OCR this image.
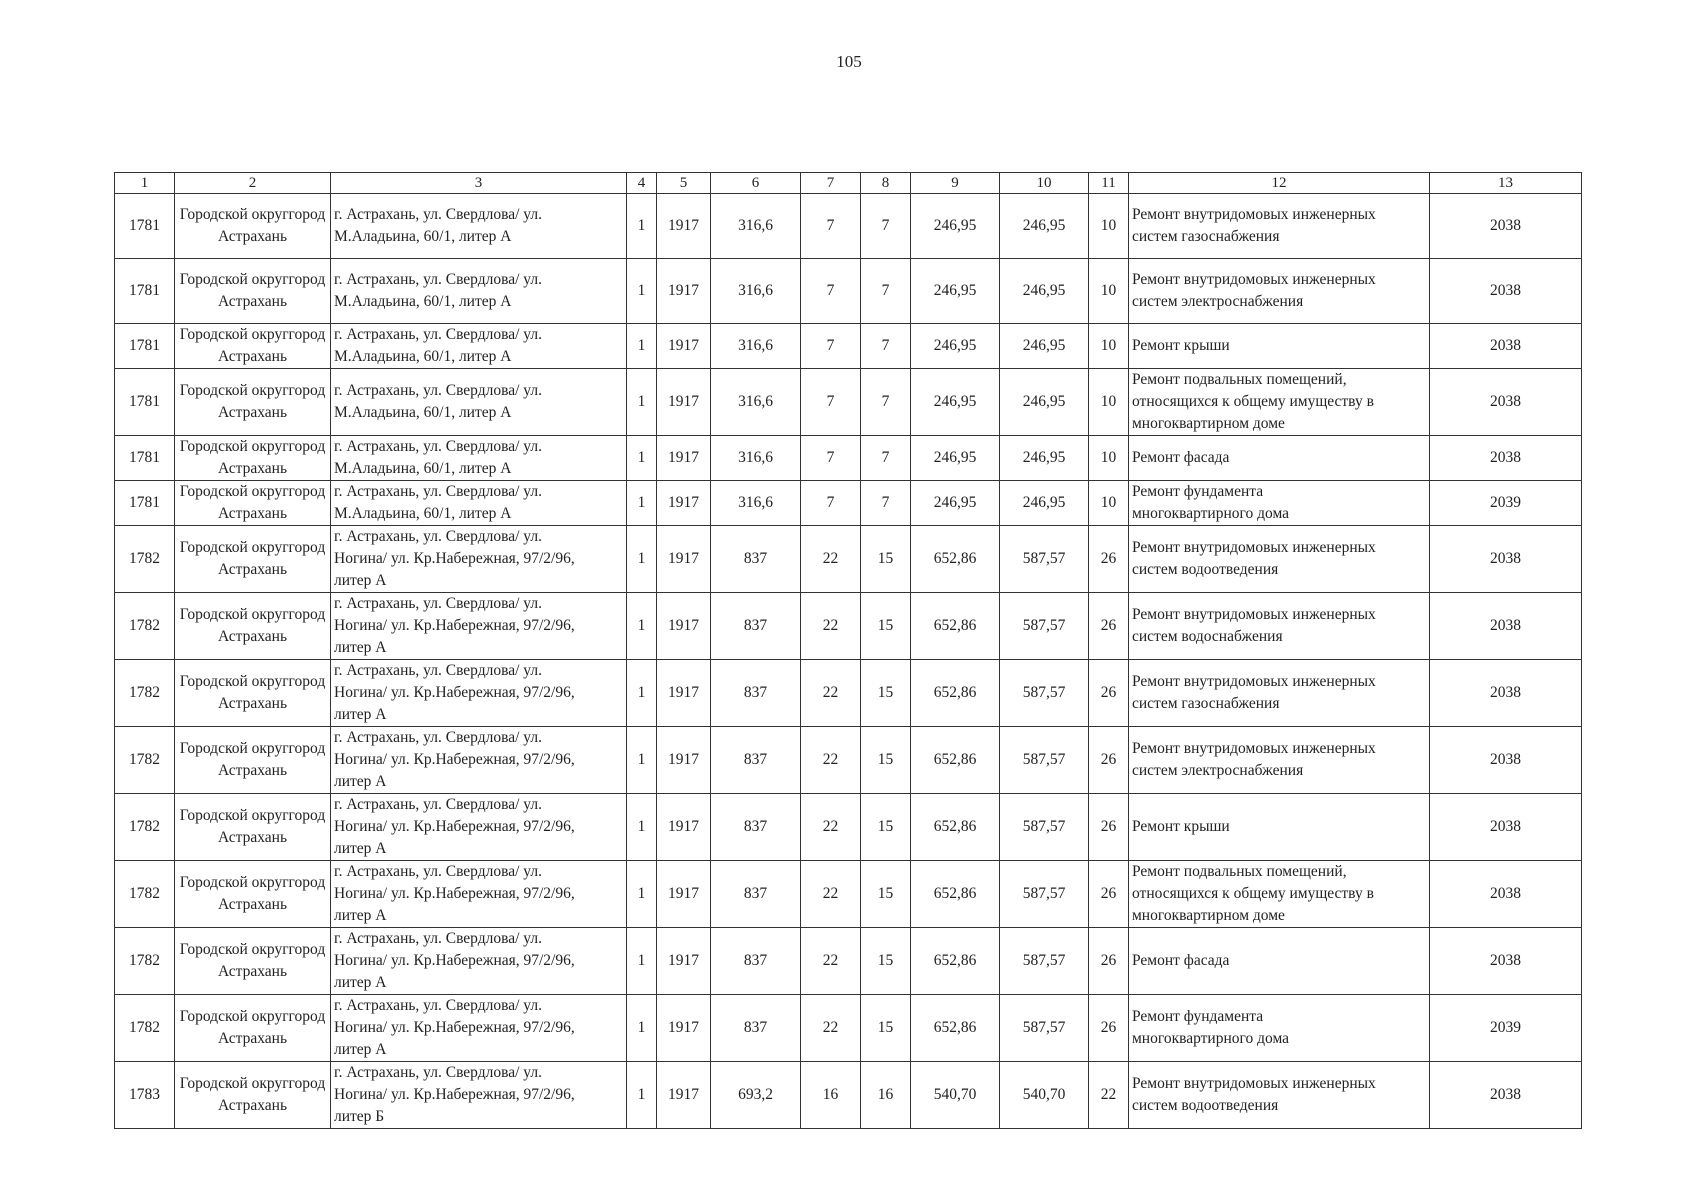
105
1	2	3	4	5	6	7	8	9	10	11	12	13
1781	Городской округгород Астрахань	г. Астрахань, ул. Свердлова/ ул.
М.Аладьина, 60/1, литер А	1	1917	316,6	7	7	246,95	246,95	10	Ремонт внутридомовых инженерных
систем газоснабжения	2038
1781	Городской округгород Астрахань	г. Астрахань, ул. Свердлова/ ул.
М.Аладьина, 60/1, литер А	1	1917	316,6	7	7	246,95	246,95	10	Ремонт внутридомовых инженерных
систем электроснабжения	2038
1781	Городской округгород Астрахань	г. Астрахань, ул. Свердлова/ ул.
М.Аладьина, 60/1, литер А	1	1917	316,6	7	7	246,95	246,95	10	Ремонт крыши	2038
1781	Городской округгород Астрахань	г. Астрахань, ул. Свердлова/ ул.
М.Аладьина, 60/1, литер А	1	1917	316,6	7	7	246,95	246,95	10	Ремонт подвальных помещений,
относящихся к общему имуществу в
многоквартирном доме	2038
1781	Городской округгород Астрахань	г. Астрахань, ул. Свердлова/ ул.
М.Аладьина, 60/1, литер А	1	1917	316,6	7	7	246,95	246,95	10	Ремонт фасада	2038
1781	Городской округгород Астрахань	г. Астрахань, ул. Свердлова/ ул.
М.Аладьина, 60/1, литер А	1	1917	316,6	7	7	246,95	246,95	10	Ремонт фундамента
многоквартирного дома	2039
1782	Городской округгород Астрахань	г. Астрахань, ул. Свердлова/ ул.
Ногина/ ул. Кр.Набережная, 97/2/96,
литер А	1	1917	837	22	15	652,86	587,57	26	Ремонт внутридомовых инженерных
систем водоотведения	2038
1782	Городской округгород Астрахань	г. Астрахань, ул. Свердлова/ ул.
Ногина/ ул. Кр.Набережная, 97/2/96,
литер А	1	1917	837	22	15	652,86	587,57	26	Ремонт внутридомовых инженерных
систем водоснабжения	2038
1782	Городской округгород Астрахань	г. Астрахань, ул. Свердлова/ ул.
Ногина/ ул. Кр.Набережная, 97/2/96,
литер А	1	1917	837	22	15	652,86	587,57	26	Ремонт внутридомовых инженерных
систем газоснабжения	2038
1782	Городской округгород Астрахань	г. Астрахань, ул. Свердлова/ ул.
Ногина/ ул. Кр.Набережная, 97/2/96,
литер А	1	1917	837	22	15	652,86	587,57	26	Ремонт внутридомовых инженерных
систем электроснабжения	2038
1782	Городской округгород Астрахань	г. Астрахань, ул. Свердлова/ ул.
Ногина/ ул. Кр.Набережная, 97/2/96,
литер А	1	1917	837	22	15	652,86	587,57	26	Ремонт крыши	2038
1782	Городской округгород Астрахань	г. Астрахань, ул. Свердлова/ ул.
Ногина/ ул. Кр.Набережная, 97/2/96,
литер А	1	1917	837	22	15	652,86	587,57	26	Ремонт подвальных помещений,
относящихся к общему имуществу в
многоквартирном доме	2038
1782	Городской округгород Астрахань	г. Астрахань, ул. Свердлова/ ул.
Ногина/ ул. Кр.Набережная, 97/2/96,
литер А	1	1917	837	22	15	652,86	587,57	26	Ремонт фасада	2038
1782	Городской округгород Астрахань	г. Астрахань, ул. Свердлова/ ул.
Ногина/ ул. Кр.Набережная, 97/2/96,
литер А	1	1917	837	22	15	652,86	587,57	26	Ремонт фундамента
многоквартирного дома	2039
1783	Городской округгород Астрахань	г. Астрахань, ул. Свердлова/ ул.
Ногина/ ул. Кр.Набережная, 97/2/96,
литер Б	1	1917	693,2	16	16	540,70	540,70	22	Ремонт внутридомовых инженерных
систем водоотведения	2038
